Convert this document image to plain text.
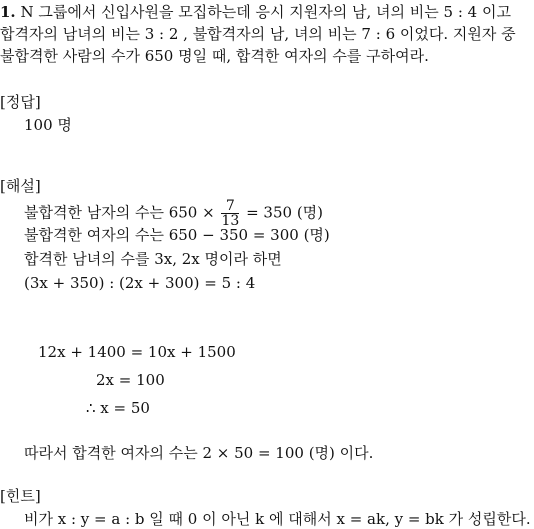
1. N 그룹에서 신입사원을 모집하는데 응시 지원자의 남, 녀의 비는 5 : 4 이고
합격자의 남녀의 비는 3 : 2 , 불합격자의 남, 녀의 비는 7 : 6 이었다. 지원자 중
불합격한 사람의 수가 650 명일 때, 합격한 여자의 수를 구하여라.
[정답]
100 명
[해설]
불합격한 남자의 수는 $650 \times \frac{7}{13} = 350$ (명)
불합격한 여자의 수는 650 − 350 = 300 (명)
합격한 남녀의 수를 3x, 2x 명이라 하면
(3x + 350) : (2x + 300) = 5 : 4
12x + 1400 = 10x + 1500
2x = 100
∴ x = 50
따라서 합격한 여자의 수는 2 × 50 = 100 (명) 이다.
[힌트]
비가 x : y = a : b 일 때 0 이 아닌 k 에 대해서 x = ak, y = bk 가 성립한다.
